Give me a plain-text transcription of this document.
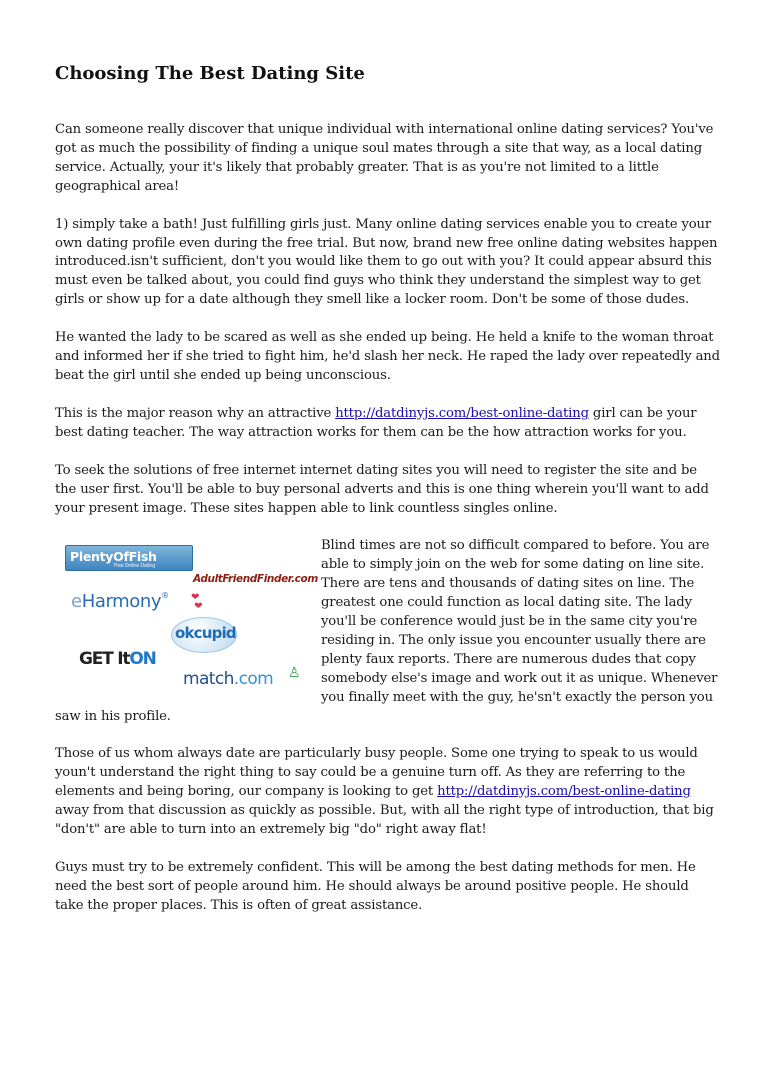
Choosing The Best Dating Site

Can someone really discover that unique individual with international online dating services? You've got as much the possibility of finding a unique soul mates through a site that way, as a local dating service. Actually, your it's likely that probably greater. That is as you're not limited to a little geographical area!

1) simply take a bath! Just fulfilling girls just. Many online dating services enable you to create your own dating profile even during the free trial. But now, brand new free online dating websites happen introduced.isn't sufficient, don't you would like them to go out with you? It could appear absurd this must even be talked about, you could find guys who think they understand the simplest way to get girls or show up for a date although they smell like a locker room. Don't be some of those dudes.

He wanted the lady to be scared as well as she ended up being. He held a knife to the woman throat and informed her if she tried to fight him, he'd slash her neck. He raped the lady over repeatedly and beat the girl until she ended up being unconscious.

This is the major reason why an attractive http://datdinyjs.com/best-online-dating girl can be your best dating teacher. The way attraction works for them can be the how attraction works for you.

To seek the solutions of free internet internet dating sites you will need to register the site and be the user first. You'll be able to buy personal adverts and this is one thing wherein you'll want to add your present image. These sites happen able to link countless singles online.

PlentyOfFish
Free Online Dating
AdultFriendFinder.com
eHarmony® ❤
❤
okcupid
GET ItON
match.com ♙

Blind times are not so difficult compared to before. You are able to simply join on the web for some dating on line site. There are tens and thousands of dating sites on line. The greatest one could function as local dating site. The lady you'll be conference would just be in the same city you're residing in. The only issue you encounter usually there are plenty faux reports. There are numerous dudes that copy somebody else's image and work out it as unique. Whenever you finally meet with the guy, he'sn't exactly the person you saw in his profile.

Those of us whom always date are particularly busy people. Some one trying to speak to us would youn't understand the right thing to say could be a genuine turn off. As they are referring to the elements and being boring, our company is looking to get http://datdinyjs.com/best-online-dating away from that discussion as quickly as possible. But, with all the right type of introduction, that big "don't" are able to turn into an extremely big "do" right away flat!

Guys must try to be extremely confident. This will be among the best dating methods for men. He need the best sort of people around him. He should always be around positive people. He should take the proper places. This is often of great assistance.
